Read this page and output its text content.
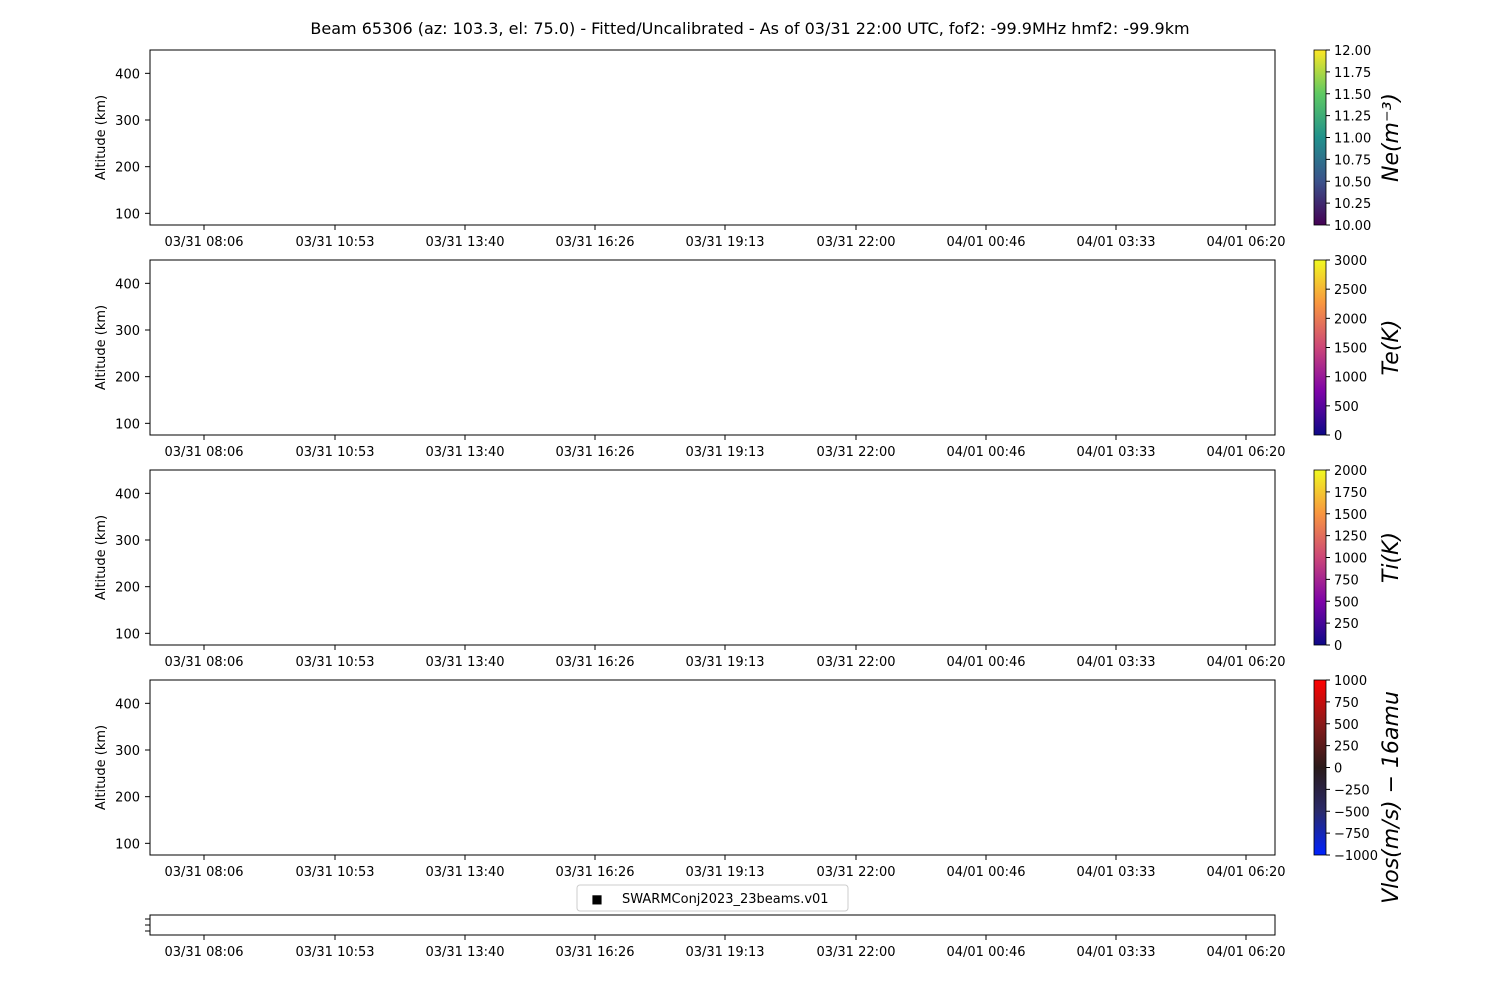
Beam 65306 (az: 103.3, el: 75.0) - Fitted/Uncalibrated - As of 03/31 22:00 UTC, fof2: -99.9MHz hmf2: -99.9km
100
200
300
400
Altitude (km)
03/31 08:06	03/31 10:53	03/31 13:40	03/31 16:26	03/31 19:13	03/31 22:00	04/01 00:46	04/01 03:33	04/01 06:20
10.00
10.25
10.50
10.75
11.00
11.25
11.50
11.75
12.00
Ne(m⁻³)
100
200
300
400
Altitude (km)
03/31 08:06	03/31 10:53	03/31 13:40	03/31 16:26	03/31 19:13	03/31 22:00	04/01 00:46	04/01 03:33	04/01 06:20
0
500
1000
1500
2000
2500
3000
Te(K)
100
200
300
400
Altitude (km)
03/31 08:06	03/31 10:53	03/31 13:40	03/31 16:26	03/31 19:13	03/31 22:00	04/01 00:46	04/01 03:33	04/01 06:20
0
250
500
750
1000
1250
1500
1750
2000
Ti(K)
100
200
300
400
Altitude (km)
03/31 08:06	03/31 10:53	03/31 13:40	03/31 16:26	03/31 19:13	03/31 22:00	04/01 00:46	04/01 03:33	04/01 06:20
−1000
−750
−500
−250
0
250
500
750
1000
Vlos(m/s) − 16amu
■ SWARMConj2023_23beams.v01
03/31 08:06	03/31 10:53	03/31 13:40	03/31 16:26	03/31 19:13	03/31 22:00	04/01 00:46	04/01 03:33	04/01 06:20
